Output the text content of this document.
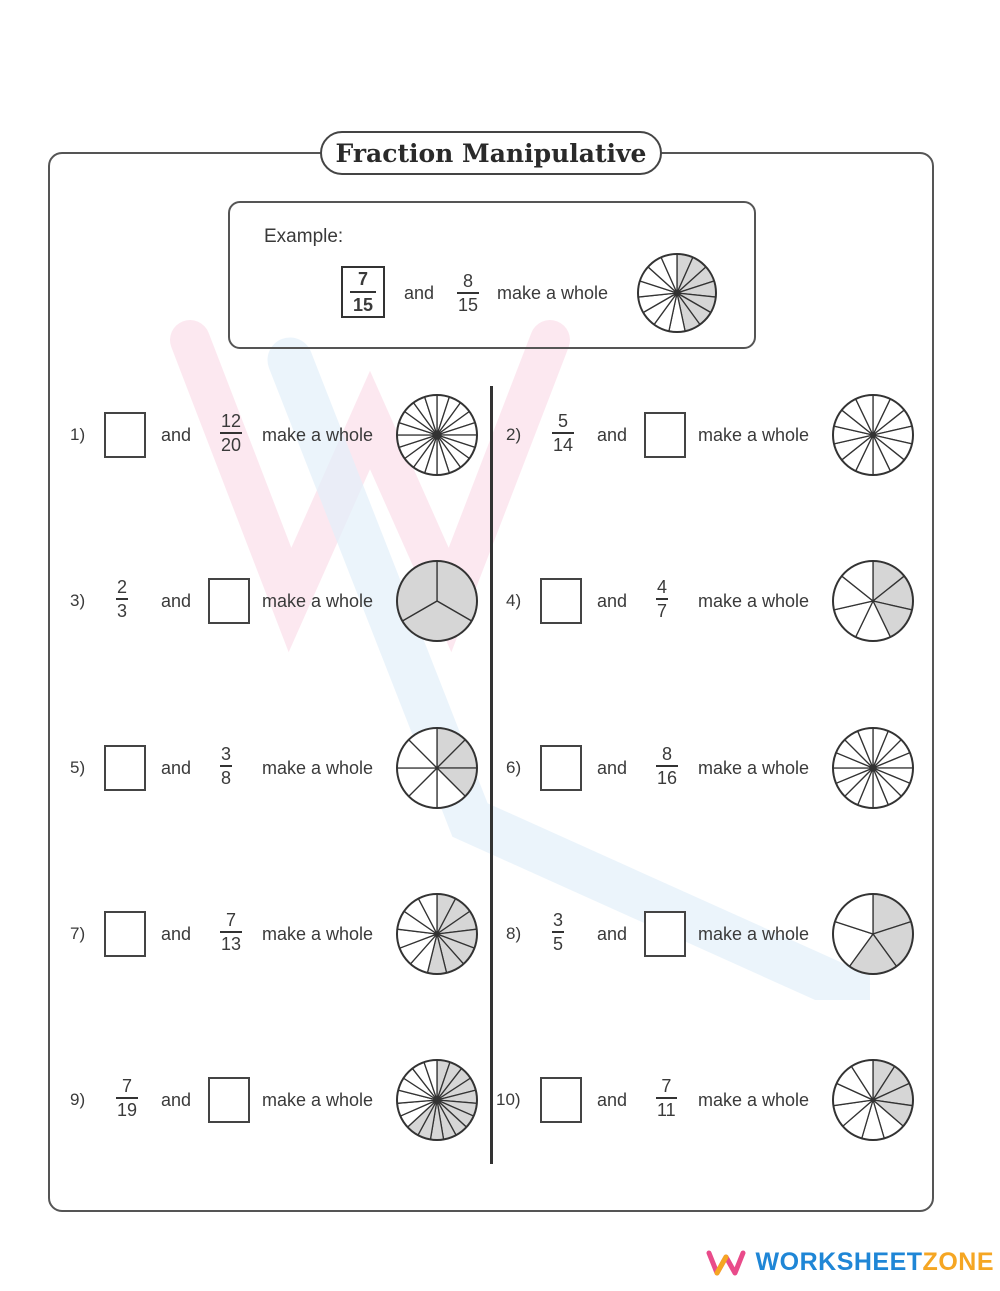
Fraction Manipulative
Example:
7
15
and
8
15
make a whole
1)	and
12
20 make a whole	2)
5
14 and	make a whole
3)
2
3 and	make a whole	4)	and
4
7 make a whole
5)	and
3
8 make a whole	6)	and
8
16 make a whole
7)	and
7
13 make a whole	8)
3
5 and	make a whole
9)
7
19 and	make a whole	10)	and
7
11 make a whole
WORKSHEETZONE
